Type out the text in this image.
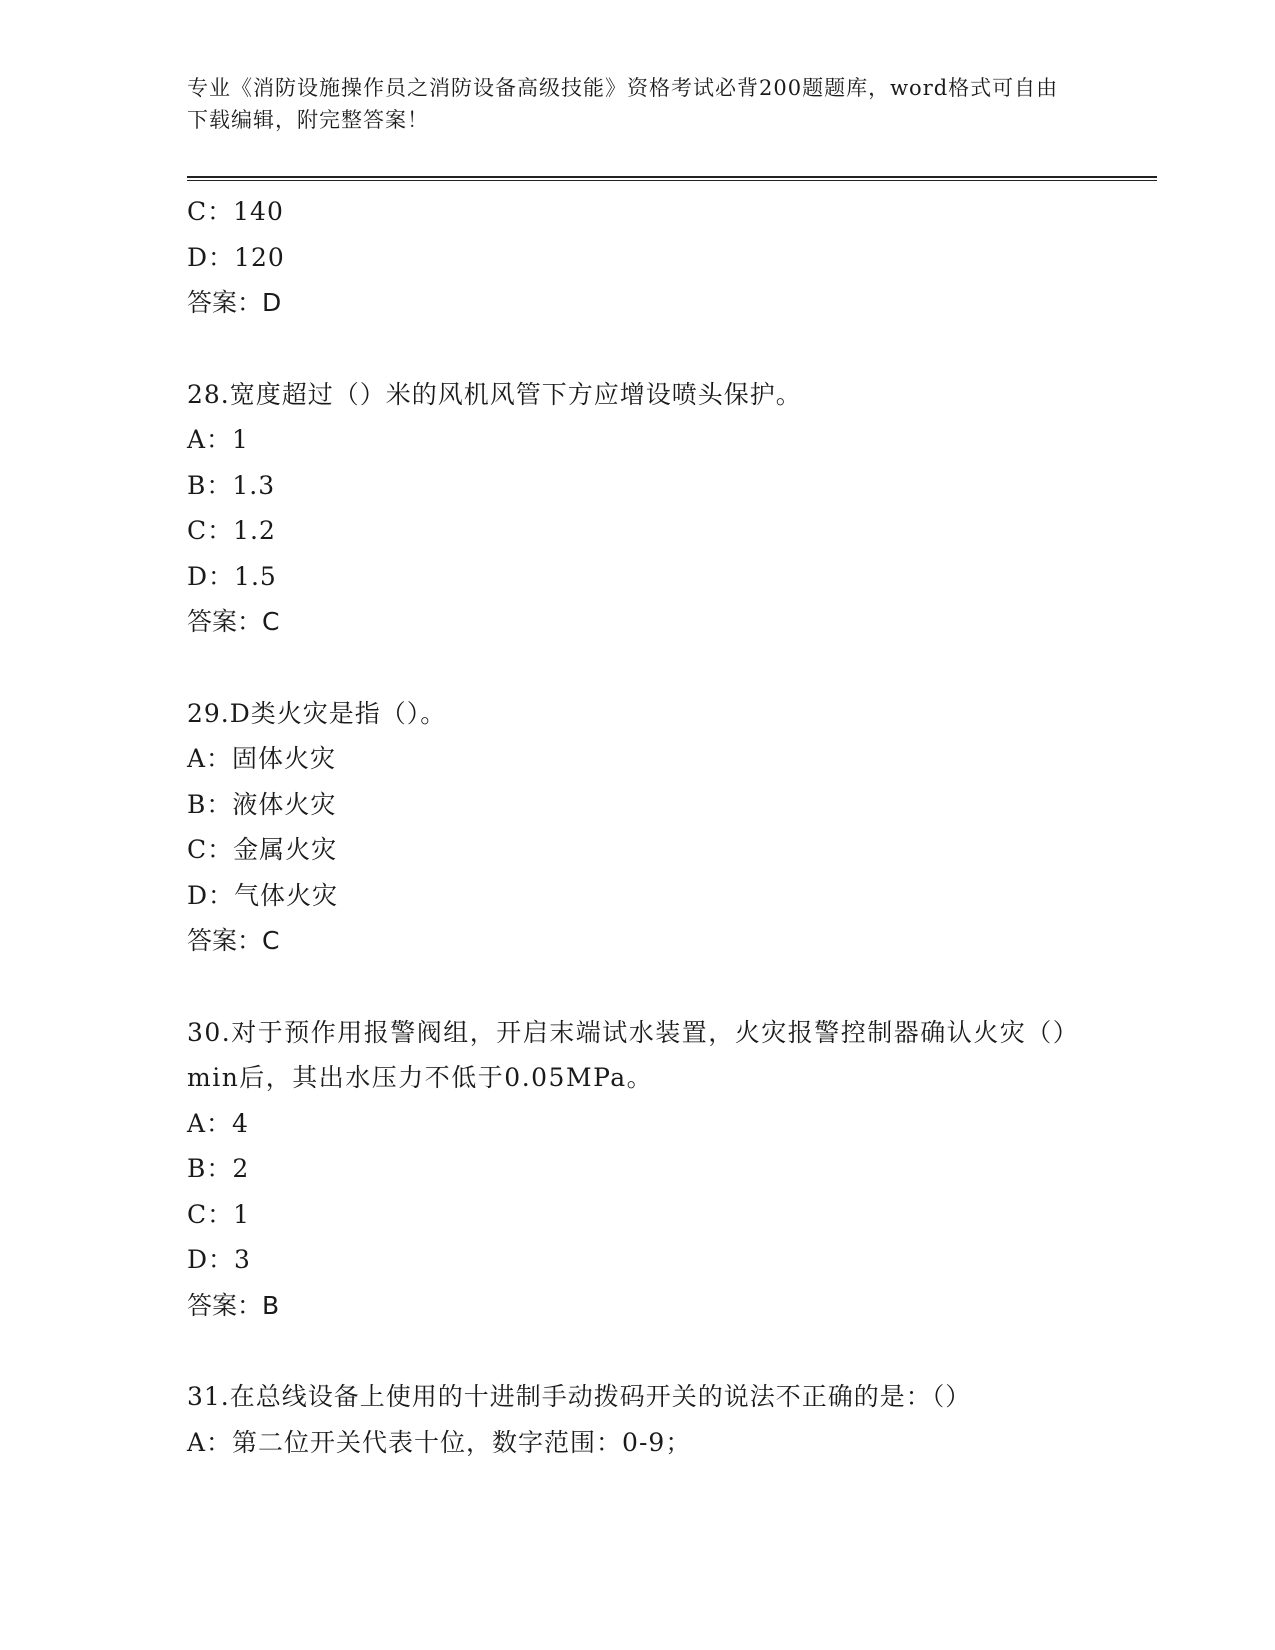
专业《消防设施操作员之消防设备高级技能》资格考试必背200题题库，word格式可自由下载编辑，附完整答案！

C：140
D：120
答案：D
28.宽度超过（）米的风机风管下方应增设喷头保护。
A：1
B：1.3
C：1.2
D：1.5
答案：C
29.D类火灾是指（）。
A：固体火灾
B：液体火灾
C：金属火灾
D：气体火灾
答案：C
30.对于预作用报警阀组，开启末端试水装置，火灾报警控制器确认火灾（）min后，其出水压力不低于0.05MPa。
A：4
B：2
C：1
D：3
答案：B
31.在总线设备上使用的十进制手动拨码开关的说法不正确的是：（）
A：第二位开关代表十位，数字范围：0-9；
